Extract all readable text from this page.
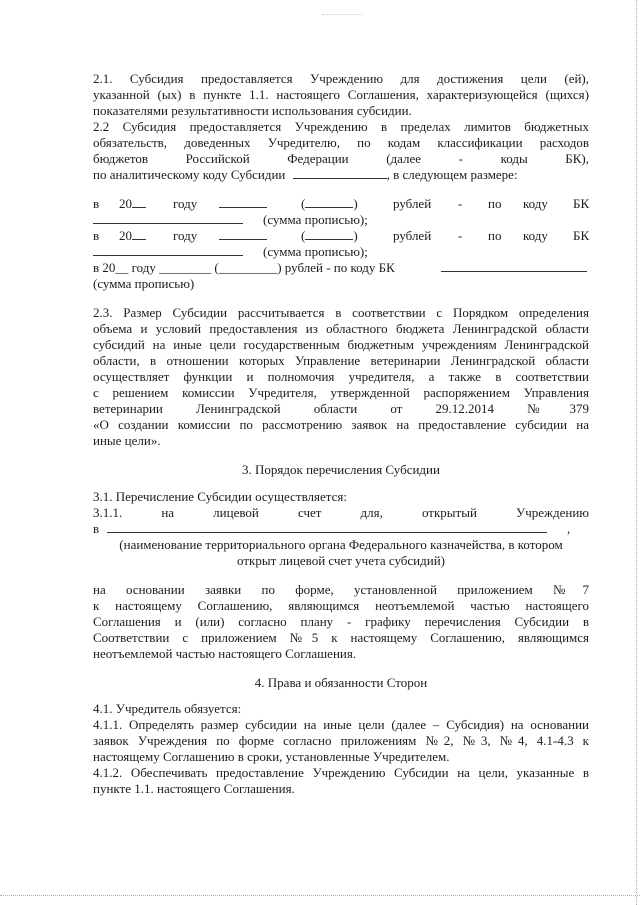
2.1. Субсидия предоставляется Учреждению для достижения цели (ей),
указанной (ых) в пункте 1.1. настоящего Соглашения, характеризующейся (щихся)
показателями результативности использования субсидии.
2.2 Субсидия предоставляется Учреждению в пределах лимитов бюджетных
обязательств, доведенных Учредителю, по кодам классификации расходов
бюджетов Российской Федерации (далее - коды БК),
по аналитическому коду Субсидии	, в следующем размере:
в 20	году	(	)	рублей - по коду БК
(сумма прописью);
в 20	году	(	)	рублей - по коду БК
(сумма прописью);
в 20__ году ________ (_________) рублей - по коду БК
(сумма прописью)
2.3. Размер Субсидии рассчитывается в соответствии с Порядком определения
объема и условий предоставления из областного бюджета Ленинградской области
субсидий на иные цели государственным бюджетным учреждениям Ленинградской
области, в отношении которых Управление ветеринарии Ленинградской области
осуществляет функции и полномочия учредителя, а также в соответствии
с решением комиссии Учредителя, утвержденной распоряжением Управления
ветеринарии Ленинградской области от 29.12.2014 №379
«О создании комиссии по рассмотрению заявок на предоставление субсидии на
иные цели».
3. Порядок перечисления Субсидии
3.1. Перечисление Субсидии осуществляется:
3.1.1. на лицевой счет для, открытый Учреждению
в	,
(наименование территориального органа Федерального казначейства, в котором
открыт лицевой счет учета субсидий)
на основании заявки по форме, установленной приложением №7
к настоящему Соглашению, являющимся неотъемлемой частью настоящего
Соглашения и (или) согласно плану - графику перечисления Субсидии в
Соответствии с приложением №5 к настоящему Соглашению, являющимся
неотъемлемой частью настоящего Соглашения.
4. Права и обязанности Сторон
4.1. Учредитель обязуется:
4.1.1. Определять размер субсидии на иные цели (далее – Субсидия) на основании
заявок Учреждения по форме согласно приложениям №2, №3, №4, 4.1-4.3 к
настоящему Соглашению в сроки, установленные Учредителем.
4.1.2. Обеспечивать предоставление Учреждению Субсидии на цели, указанные в
пункте 1.1. настоящего Соглашения.
